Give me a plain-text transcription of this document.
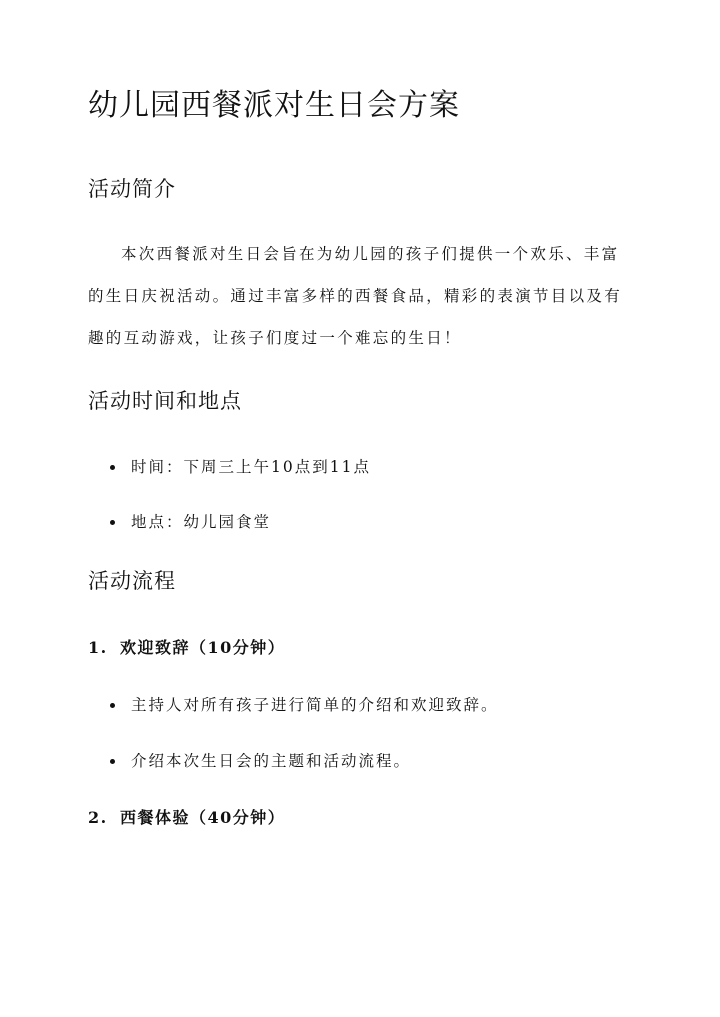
幼儿园西餐派对生日会方案
活动简介

本次西餐派对生日会旨在为幼儿园的孩子们提供一个欢乐、丰富的生日庆祝活动。通过丰富多样的西餐食品，精彩的表演节目以及有趣的互动游戏，让孩子们度过一个难忘的生日！

活动时间和地点
时间：下周三上午10点到11点
地点：幼儿园食堂
活动流程
1. 欢迎致辞（10分钟）
主持人对所有孩子进行简单的介绍和欢迎致辞。
介绍本次生日会的主题和活动流程。
2. 西餐体验（40分钟）
